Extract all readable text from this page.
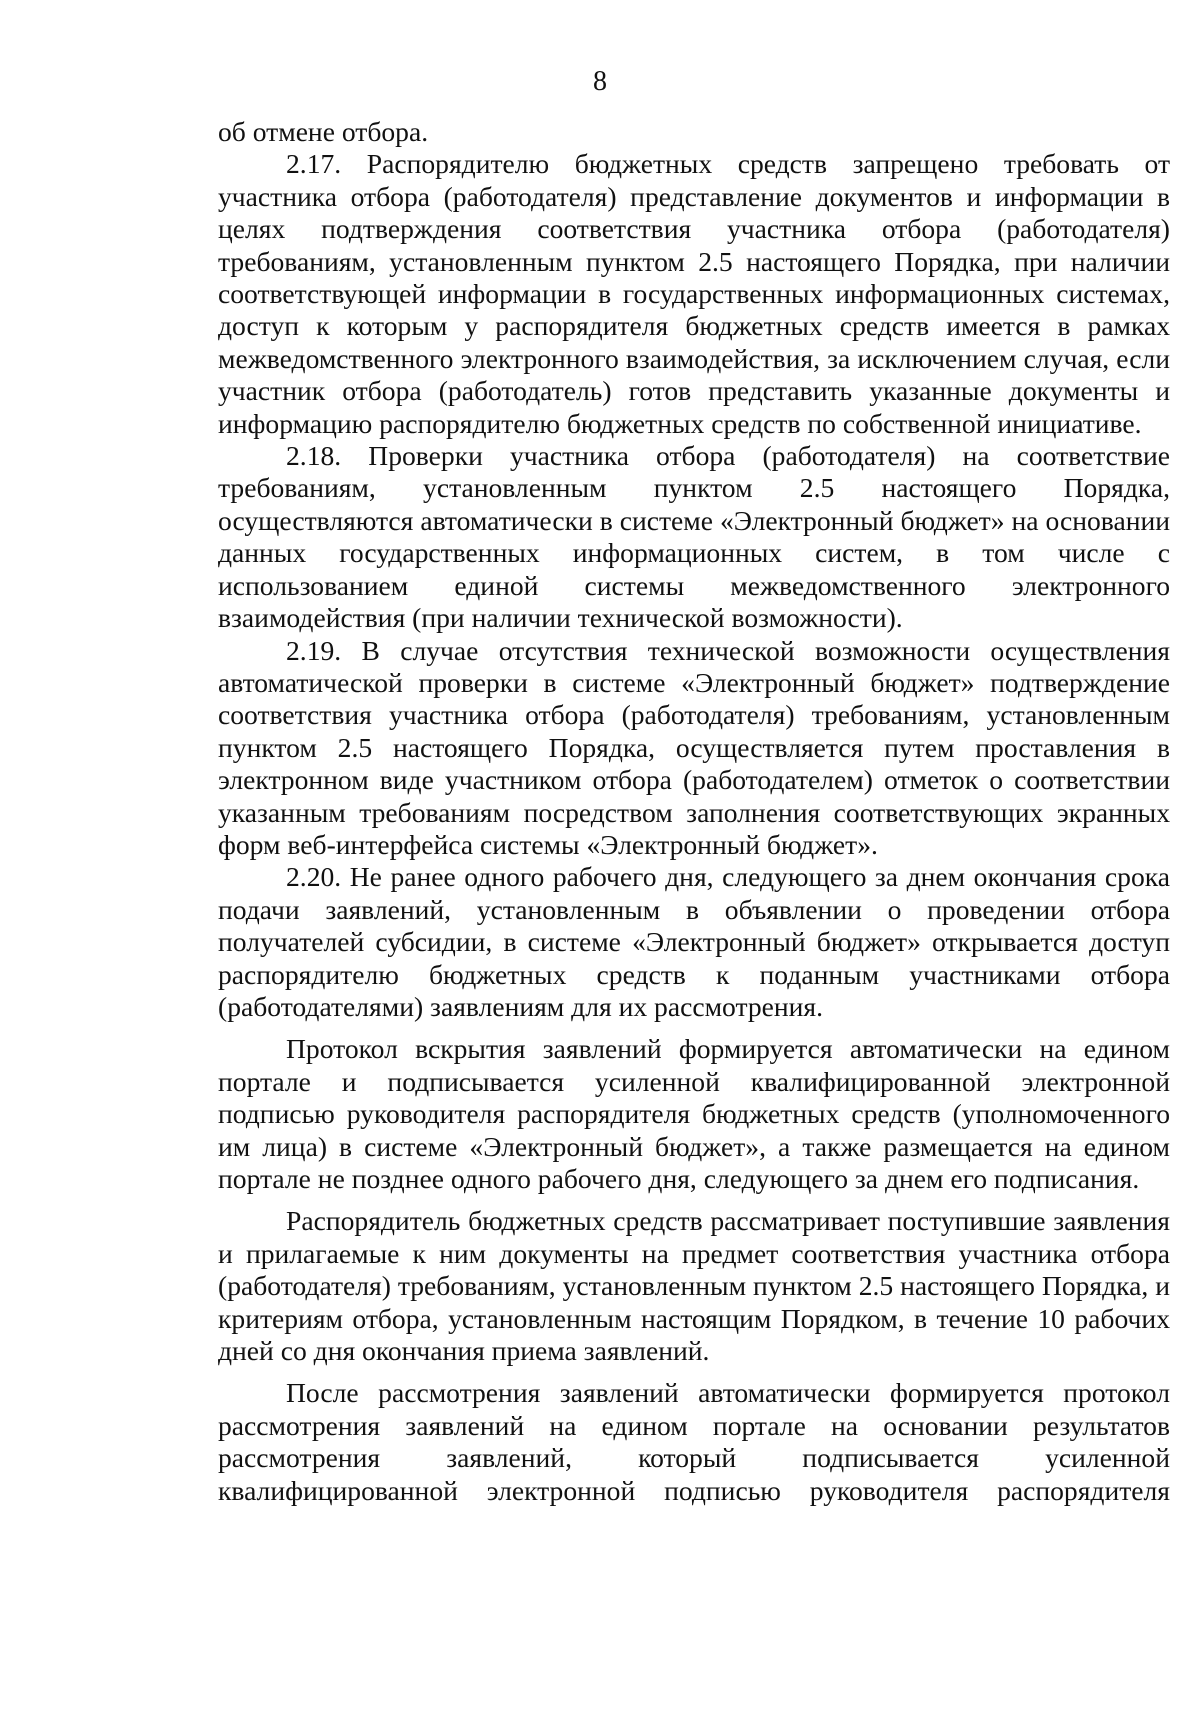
8

об отмене отбора.

2.17. Распорядителю бюджетных средств запрещено требовать от участника отбора (работодателя) представление документов и информации в целях подтверждения соответствия участника отбора (работодателя) требованиям, установленным пунктом 2.5 настоящего Порядка, при наличии соответствующей информации в государственных информационных системах, доступ к которым у распорядителя бюджетных средств имеется в рамках межведомственного электронного взаимодействия, за исключением случая, если участник отбора (работодатель) готов представить указанные документы и информацию распорядителю бюджетных средств по собственной инициативе.

2.18. Проверки участника отбора (работодателя) на соответствие требованиям, установленным пунктом 2.5 настоящего Порядка, осуществляются автоматически в системе «Электронный бюджет» на основании данных государственных информационных систем, в том числе с использованием единой системы межведомственного электронного взаимодействия (при наличии технической возможности).

2.19. В случае отсутствия технической возможности осуществления автоматической проверки в системе «Электронный бюджет» подтверждение соответствия участника отбора (работодателя) требованиям, установленным пунктом 2.5 настоящего Порядка, осуществляется путем проставления в электронном виде участником отбора (работодателем) отметок о соответствии указанным требованиям посредством заполнения соответствующих экранных форм веб-интерфейса системы «Электронный бюджет».

2.20. Не ранее одного рабочего дня, следующего за днем окончания срока подачи заявлений, установленным в объявлении о проведении отбора получателей субсидии, в системе «Электронный бюджет» открывается доступ распорядителю бюджетных средств к поданным участниками отбора (работодателями) заявлениям для их рассмотрения.

Протокол вскрытия заявлений формируется автоматически на едином портале и подписывается усиленной квалифицированной электронной подписью руководителя распорядителя бюджетных средств (уполномоченного им лица) в системе «Электронный бюджет», а также размещается на едином портале не позднее одного рабочего дня, следующего за днем его подписания.

Распорядитель бюджетных средств рассматривает поступившие заявления и прилагаемые к ним документы на предмет соответствия участника отбора (работодателя) требованиям, установленным пунктом 2.5 настоящего Порядка, и критериям отбора, установленным настоящим Порядком, в течение 10 рабочих дней со дня окончания приема заявлений.

После рассмотрения заявлений автоматически формируется протокол рассмотрения заявлений на едином портале на основании результатов рассмотрения заявлений, который подписывается усиленной квалифицированной электронной подписью руководителя распорядителя
